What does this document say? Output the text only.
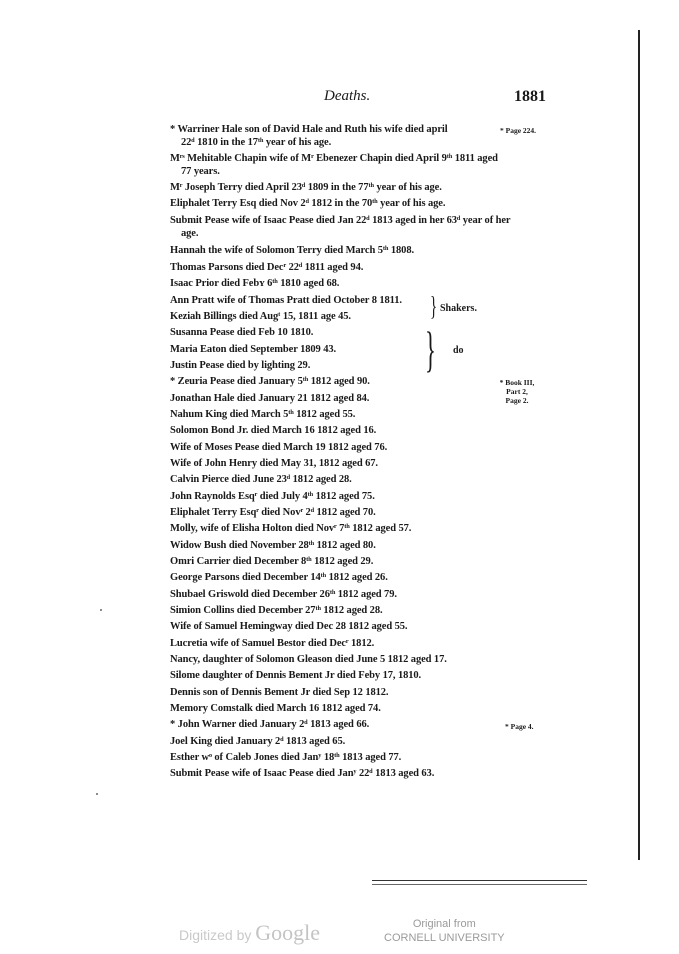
Deaths.	1881
* Warriner Hale son of David Hale and Ruth his wife died april
22ᵈ 1810 in the 17ᵗʰ year of his age.
Mʳˢ Mehitable Chapin wife of Mʳ Ebenezer Chapin died April 9ᵗʰ 1811 aged
77 years.
Mʳ Joseph Terry died April 23ᵈ 1809 in the 77ᵗʰ year of his age.
Eliphalet Terry Esq died Nov 2ᵈ 1812 in the 70ᵗʰ year of his age.
Submit Pease wife of Isaac Pease died Jan 22ᵈ 1813 aged in her 63ᵈ year of her
age.
Hannah the wife of Solomon Terry died March 5ᵗʰ 1808.
Thomas Parsons died Decʳ 22ᵈ 1811 aged 94.
Isaac Prior died Febʏ 6ᵗʰ 1810 aged 68.
Ann Pratt wife of Thomas Pratt died October 8 1811.
Keziah Billings died Augᵗ 15, 1811 age 45.
Susanna Pease died Feb 10 1810.
Maria Eaton died September 1809 43.
Justin Pease died by lighting 29.
* Zeuria Pease died January 5ᵗʰ 1812 aged 90.
Jonathan Hale died January 21 1812 aged 84.
Nahum King died March 5ᵗʰ 1812 aged 55.
Solomon Bond Jr. died March 16 1812 aged 16.
Wife of Moses Pease died March 19 1812 aged 76.
Wife of John Henry died May 31, 1812 aged 67.
Calvin Pierce died June 23ᵈ 1812 aged 28.
John Raynolds Esqʳ died July 4ᵗʰ 1812 aged 75.
Eliphalet Terry Esqʳ died Novʳ 2ᵈ 1812 aged 70.
Molly, wife of Elisha Holton died Novʳ 7ᵗʰ 1812 aged 57.
Widow Bush died November 28ᵗʰ 1812 aged 80.
Omri Carrier died December 8ᵗʰ 1812 aged 29.
George Parsons died December 14ᵗʰ 1812 aged 26.
Shubael Griswold died December 26ᵗʰ 1812 aged 79.
Simion Collins died December 27ᵗʰ 1812 aged 28.
Wife of Samuel Hemingway died Dec 28 1812 aged 55.
Lucretia wife of Samuel Bestor died Decʳ 1812.
Nancy, daughter of Solomon Gleason died June 5 1812 aged 17.
Silome daughter of Dennis Bement Jr died Feby 17, 1810.
Dennis son of Dennis Bement Jr died Sep 12 1812.
Memory Comstalk died March 16 1812 aged 74.
* John Warner died January 2ᵈ 1813 aged 66.
Joel King died January 2ᵈ 1813 aged 65.
Esther wᵒ of Caleb Jones died Janʸ 18ᵗʰ 1813 aged 77.
Submit Pease wife of Isaac Pease died Janʸ 22ᵈ 1813 aged 63.
} Shakers.
} do
* Page 224.
* Book III,
Part 2,
Page 2.
* Page 4.
Digitized by Google	Original from
CORNELL UNIVERSITY
